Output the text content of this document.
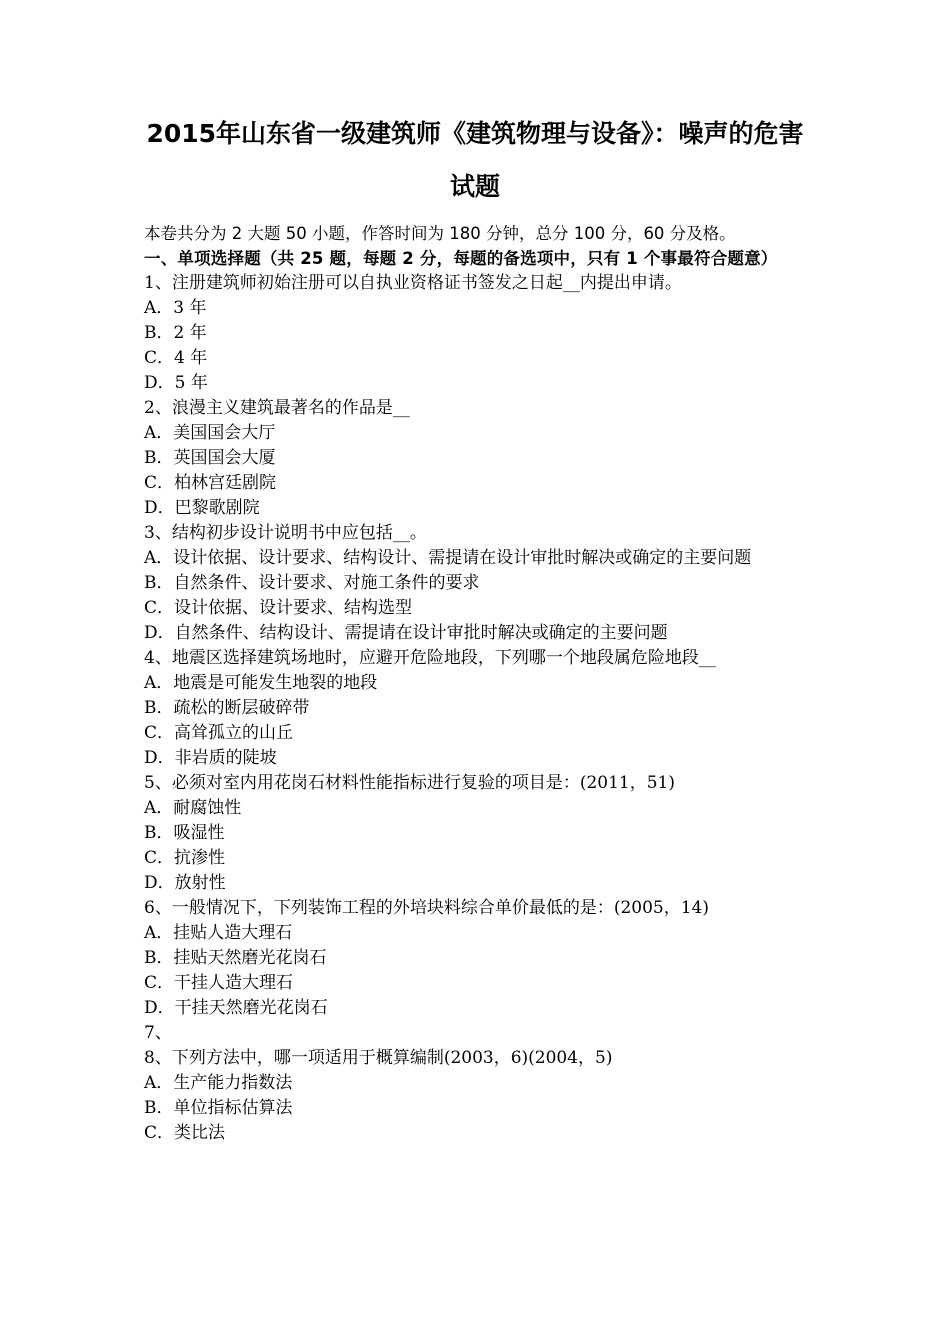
2015年山东省一级建筑师《建筑物理与设备》：噪声的危害
试题
本卷共分为 2 大题 50 小题，作答时间为 180 分钟，总分 100 分，60 分及格。
一、单项选择题（共 25 题，每题 2 分，每题的备选项中，只有 1 个事最符合题意）
1、注册建筑师初始注册可以自执业资格证书签发之日起__内提出申请。
A．3 年
B．2 年
C．4 年
D．5 年
2、浪漫主义建筑最著名的作品是__
A．美国国会大厅
B．英国国会大厦
C．柏林宫廷剧院
D．巴黎歌剧院
3、结构初步设计说明书中应包括__。
A．设计依据、设计要求、结构设计、需提请在设计审批时解决或确定的主要问题
B．自然条件、设计要求、对施工条件的要求
C．设计依据、设计要求、结构选型
D．自然条件、结构设计、需提请在设计审批时解决或确定的主要问题
4、地震区选择建筑场地时，应避开危险地段，下列哪一个地段属危险地段__
A．地震是可能发生地裂的地段
B．疏松的断层破碎带
C．高耸孤立的山丘
D．非岩质的陡坡
5、必须对室内用花岗石材料性能指标进行复验的项目是：(2011，51)
A．耐腐蚀性
B．吸湿性
C．抗渗性
D．放射性
6、一般情况下，下列装饰工程的外培块料综合单价最低的是：(2005，14)
A．挂贴人造大理石
B．挂贴天然磨光花岗石
C．干挂人造大理石
D．干挂天然磨光花岗石
7、
8、下列方法中，哪一项适用于概算编制(2003，6)(2004，5)
A．生产能力指数法
B．单位指标估算法
C．类比法
